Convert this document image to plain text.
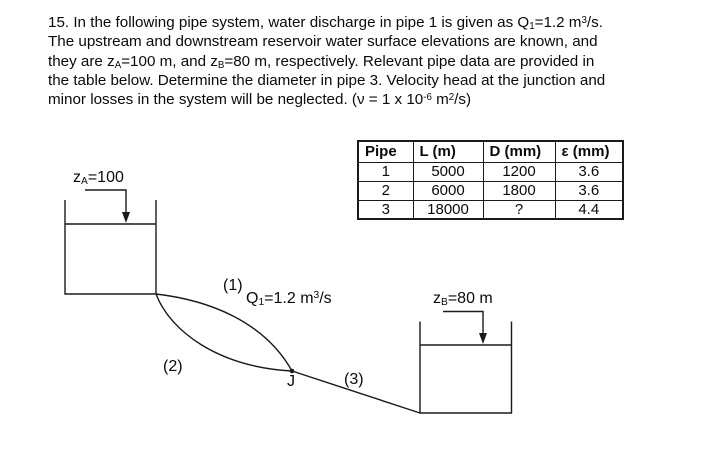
15. In the following pipe system, water discharge in pipe 1 is given as $Q_1=1.2$ $m^3/s$.
The upstream and downstream reservoir water surface elevations are known, and
they are $z_A=100$ m, and $z_B=80$ m, respectively. Relevant pipe data are provided in
the table below. Determine the diameter in pipe 3. Velocity head at the junction and
minor losses in the system will be neglected. (ν = 1 x $10^{-6}$ $m^2/s$)
Pipe	L (m)	D (mm)	ε (mm)
1	5000	1200	3.6
2	6000	1800	3.6
3	18000	?	4.4
$z_A=100$
(1)
$Q_1=1.2$ $m^3/s$
(2)
J	(3)
$z_B=80$ m
